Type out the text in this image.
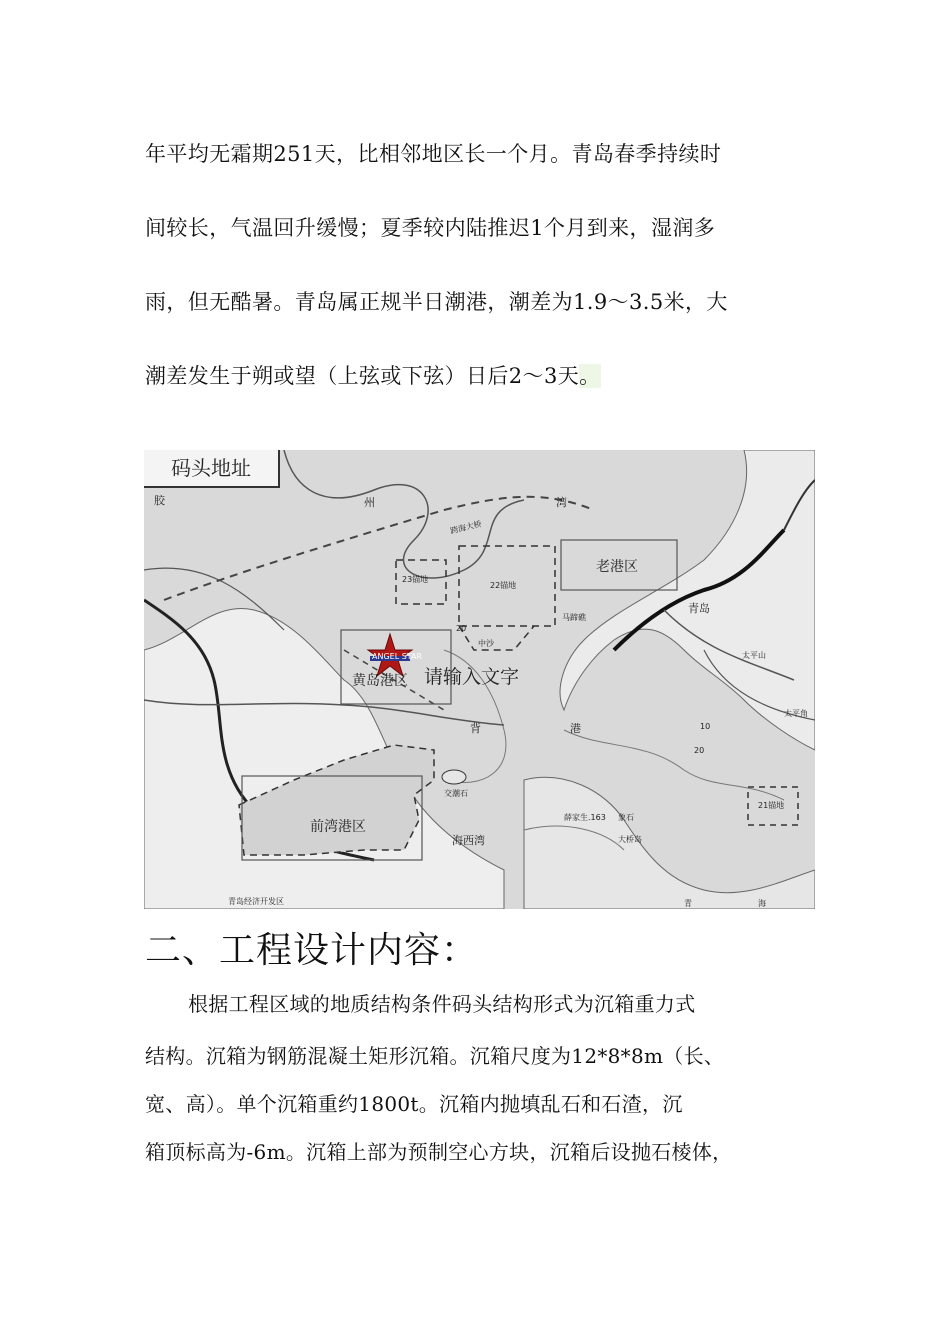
年平均无霜期251天，比相邻地区长一个月。青岛春季持续时

间较长，气温回升缓慢；夏季较内陆推迟1个月到来，湿润多

雨，但无酷暑。青岛属正规半日潮港，潮差为1.9～3.5米，大

潮差发生于朔或望（上弦或下弦）日后2～3天。

码头地址
胶	州	湾
跨海大桥
23锚地
22锚地
老港区
马蹄礁
青岛
太平山
太平角
中沙
20
10
20
ANGEL STAR
黄岛港区 请输入文字
背	港
交潮石
21锚地
前湾港区
薛家生.163 象石
海西湾	大桥岛
青岛经济开发区	青	海
二、工程设计内容：

根据工程区域的地质结构条件码头结构形式为沉箱重力式

结构。沉箱为钢筋混凝土矩形沉箱。沉箱尺度为12*8*8m（长、

宽、高）。单个沉箱重约1800t。沉箱内抛填乱石和石渣，沉

箱顶标高为-6m。沉箱上部为预制空心方块，沉箱后设抛石棱体，
